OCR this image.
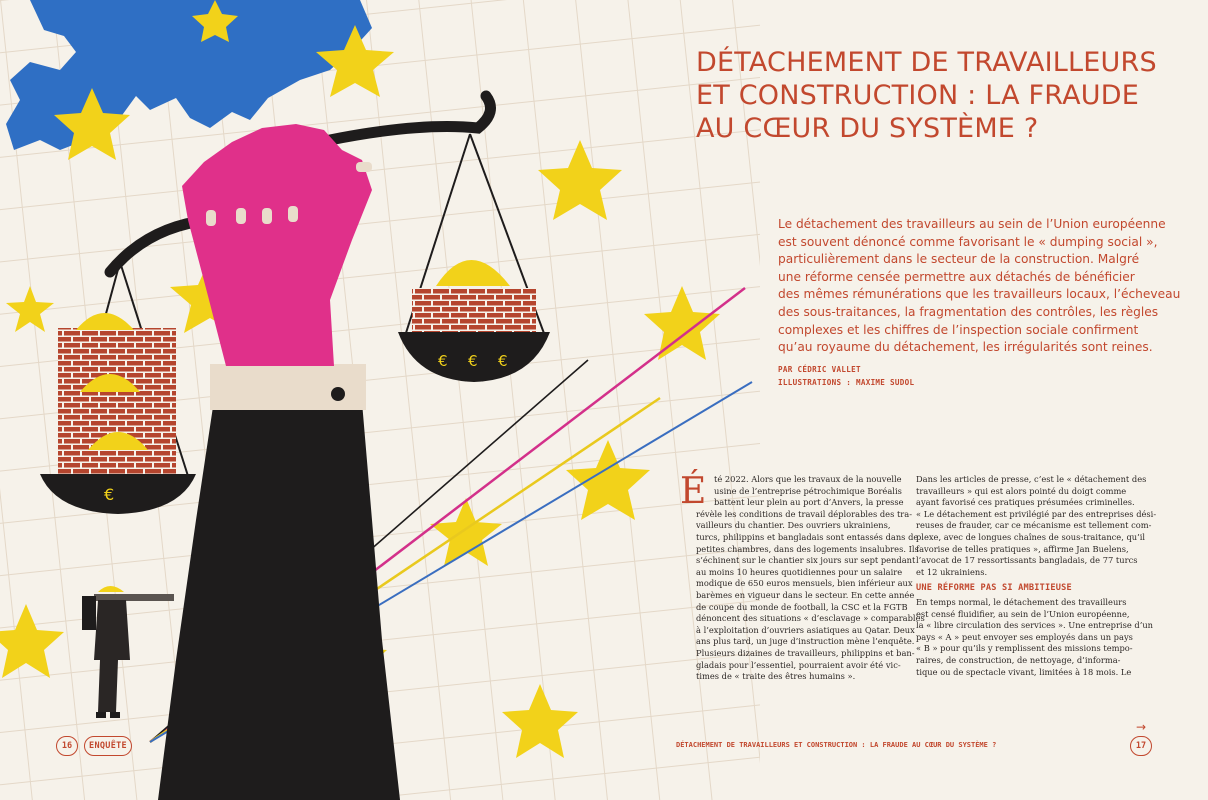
€
€ € €
DÉTACHEMENT DE TRAVAILLEURS
ET CONSTRUCTION : LA FRAUDE
AU CŒUR DU SYSTÈME ?
Le détachement des travailleurs au sein de l’Union européenne
est souvent dénoncé comme favorisant le « dumping social »,
particulièrement dans le secteur de la construction. Malgré
une réforme censée permettre aux détachés de bénéficier
des mêmes rémunérations que les travailleurs locaux, l’écheveau
des sous-traitances, la fragmentation des contrôles, les règles
complexes et les chiffres de l’inspection sociale confirment
qu’au royaume du détachement, les irrégularités sont reines.
PAR CÉDRIC VALLET
ILLUSTRATIONS : MAXIME SUDOL
É té 2022. Alors que les travaux de la nouvelle
usine de l’entreprise pétrochimique Boréalis
battent leur plein au port d’Anvers, la presse
révèle les conditions de travail déplorables des tra-
vailleurs du chantier. Des ouvriers ukrainiens,
turcs, philippins et bangladais sont entassés dans de
petites chambres, dans des logements insalubres. Ils
s’échinent sur le chantier six jours sur sept pendant
au moins 10 heures quotidiennes pour un salaire
modique de 650 euros mensuels, bien inférieur aux
barèmes en vigueur dans le secteur. En cette année
de coupe du monde de football, la CSC et la FGTB
dénoncent des situations « d’esclavage » comparables
à l’exploitation d’ouvriers asiatiques au Qatar. Deux
ans plus tard, un juge d’instruction mène l’enquête.
Plusieurs dizaines de travailleurs, philippins et ban-
gladais pour l’essentiel, pourraient avoir été vic-
times de « traite des êtres humains ».
Dans les articles de presse, c’est le « détachement des
travailleurs » qui est alors pointé du doigt comme
ayant favorisé ces pratiques présumées criminelles.
« Le détachement est privilégié par des entreprises dési-
reuses de frauder, car ce mécanisme est tellement com-
plexe, avec de longues chaînes de sous-traitance, qu’il
favorise de telles pratiques », affirme Jan Buelens,
l’avocat de 17 ressortissants bangladais, de 77 turcs
et 12 ukrainiens.
UNE RÉFORME PAS SI AMBITIEUSE
En temps normal, le détachement des travailleurs
est censé fluidifier, au sein de l’Union européenne,
la « libre circulation des services ». Une entreprise d’un
pays « A » peut envoyer ses employés dans un pays
« B » pour qu’ils y remplissent des missions tempo-
raires, de construction, de nettoyage, d’informa-
tique ou de spectacle vivant, limitées à 18 mois. Le
→
16	ENQUÊTE	DÉTACHEMENT DE TRAVAILLEURS ET CONSTRUCTION : LA FRAUDE AU CŒUR DU SYSTÈME ?	17
